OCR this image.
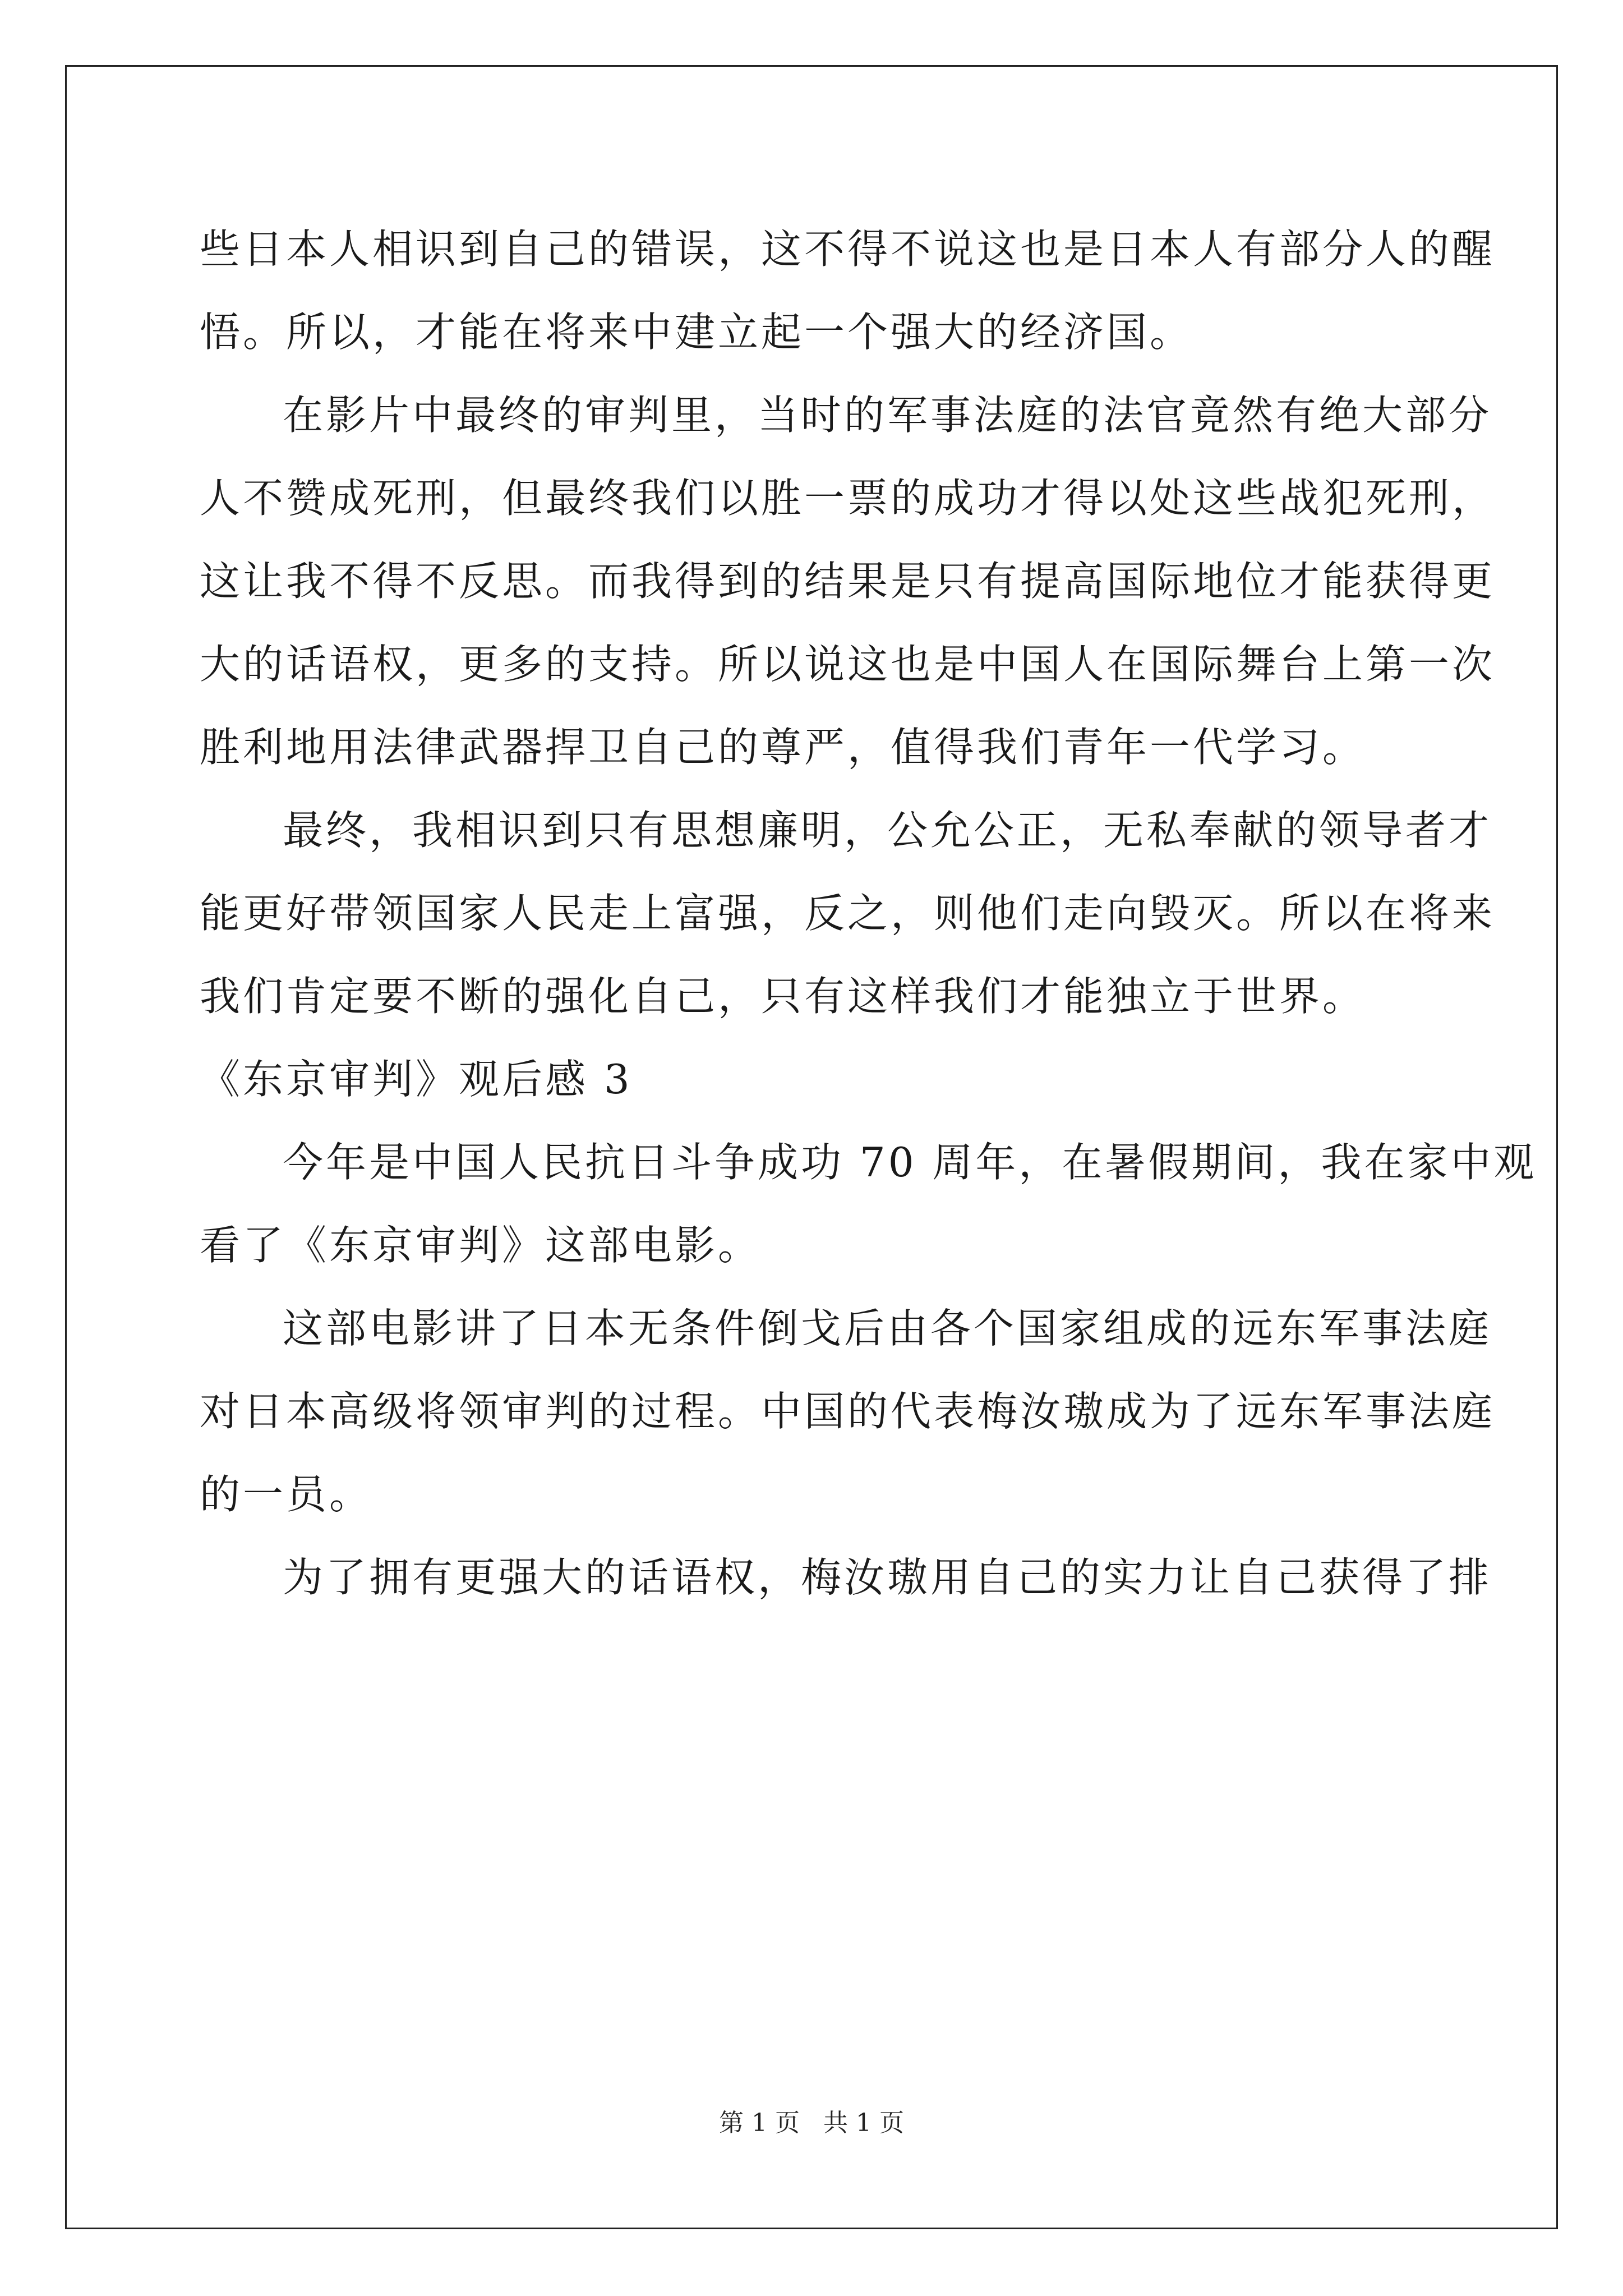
些日本人相识到自己的错误，这不得不说这也是日本人有部分人的醒
悟。所以，才能在将来中建立起一个强大的经济国。
在影片中最终的审判里，当时的军事法庭的法官竟然有绝大部分
人不赞成死刑，但最终我们以胜一票的成功才得以处这些战犯死刑，
这让我不得不反思。而我得到的结果是只有提高国际地位才能获得更
大的话语权，更多的支持。所以说这也是中国人在国际舞台上第一次
胜利地用法律武器捍卫自己的尊严，值得我们青年一代学习。
最终，我相识到只有思想廉明，公允公正，无私奉献的领导者才
能更好带领国家人民走上富强，反之，则他们走向毁灭。所以在将来
我们肯定要不断的强化自己，只有这样我们才能独立于世界。
《东京审判》观后感 3
今年是中国人民抗日斗争成功 70 周年，在暑假期间，我在家中观
看了《东京审判》这部电影。
这部电影讲了日本无条件倒戈后由各个国家组成的远东军事法庭
对日本高级将领审判的过程。中国的代表梅汝璈成为了远东军事法庭
的一员。
为了拥有更强大的话语权，梅汝璈用自己的实力让自己获得了排
第 1 页   共 1 页
